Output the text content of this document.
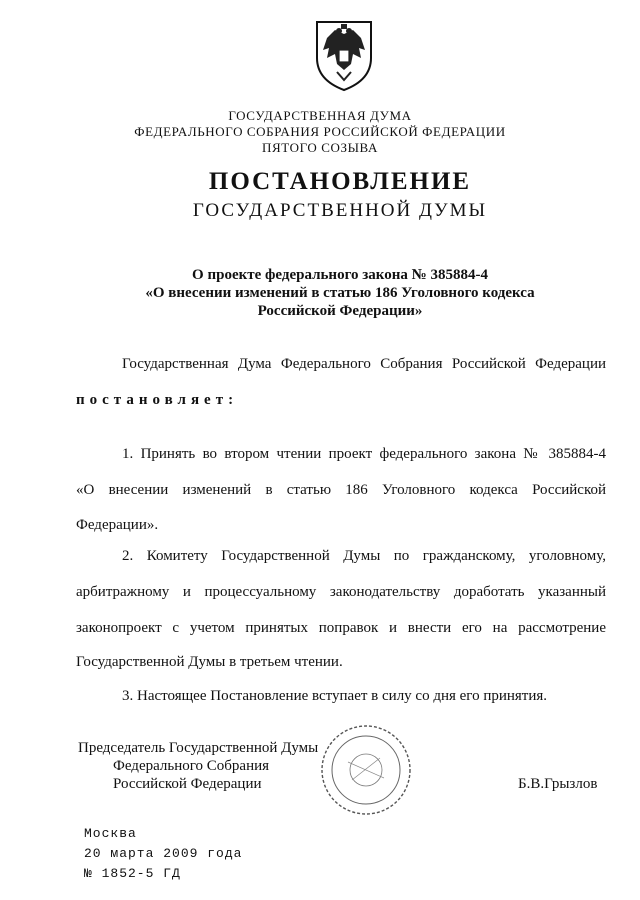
ГОСУДАРСТВЕННАЯ ДУМА
ФЕДЕРАЛЬНОГО СОБРАНИЯ РОССИЙСКОЙ ФЕДЕРАЦИИ
ПЯТОГО СОЗЫВА
ПОСТАНОВЛЕНИЕ
ГОСУДАРСТВЕННОЙ ДУМЫ
О проекте федерального закона № 385884-4
«О внесении изменений в статью 186 Уголовного кодекса
Российской Федерации»
Государственная Дума Федерального Собрания Российской Федерации
постановляет:
1. Принять во втором чтении проект федерального закона № 385884-4
«О внесении изменений в статью 186 Уголовного кодекса Российской
Федерации».
2. Комитету Государственной Думы по гражданскому, уголовному,
арбитражному и процессуальному законодательству доработать указанный
законопроект с учетом принятых поправок и внести его на рассмотрение
Государственной Думы в третьем чтении.
3. Настоящее Постановление вступает в силу со дня его принятия.
Председатель Государственной Думы
Федерального Собрания
Российской Федерации	Б.В.Грызлов
Москва
20 марта 2009 года
№ 1852-5 ГД
